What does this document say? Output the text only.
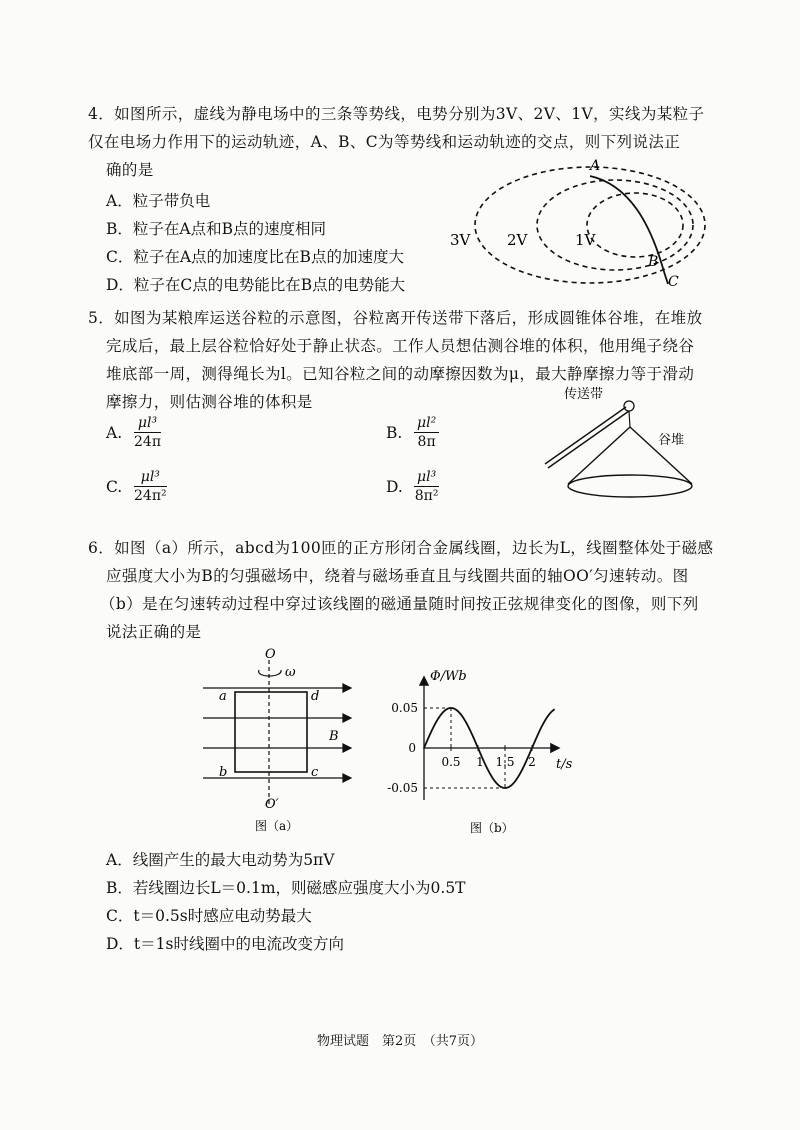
4．如图所示，虚线为静电场中的三条等势线，电势分别为3V、2V、1V，实线为某粒子
仅在电场力作用下的运动轨迹，A、B、C为等势线和运动轨迹的交点，则下列说法正
确的是
A．粒子带负电
B．粒子在A点和B点的速度相同
C．粒子在A点的加速度比在B点的加速度大
D．粒子在C点的电势能比在B点的电势能大
3V 2V	1V
A
B
C
5．如图为某粮库运送谷粒的示意图，谷粒离开传送带下落后，形成圆锥体谷堆，在堆放
完成后，最上层谷粒恰好处于静止状态。工作人员想估测谷堆的体积，他用绳子绕谷
堆底部一周，测得绳长为l。已知谷粒之间的动摩擦因数为μ，最大静摩擦力等于滑动
摩擦力，则估测谷堆的体积是
A. $\frac{\text{μl³}}{24\pi}$	B. $\frac{\text{μl²}}{8\pi}$
C. $\frac{\text{μl³}}{\text{24π²}}$	D. $\frac{\text{μl³}}{\text{8π²}}$
传送带
谷堆
6．如图（a）所示，abcd为100匝的正方形闭合金属线圈，边长为L，线圈整体处于磁感
应强度大小为B的匀强磁场中，绕着与磁场垂直且与线圈共面的轴OO′匀速转动。图
（b）是在匀速转动过程中穿过该线圈的磁通量随时间按正弦规律变化的图像，则下列
说法正确的是
O
ω
a	d
B
b	c
O′
图（a）
Φ/Wb
t/s
0.05
0
-0.05
0.5 1 1.5 2
图（b）
A．线圈产生的最大电动势为5πV
B．若线圈边长L＝0.1m，则磁感应强度大小为0.5T
C．t＝0.5s时感应电动势最大
D．t＝1s时线圈中的电流改变方向
物理试题　第2页　（共7页）
